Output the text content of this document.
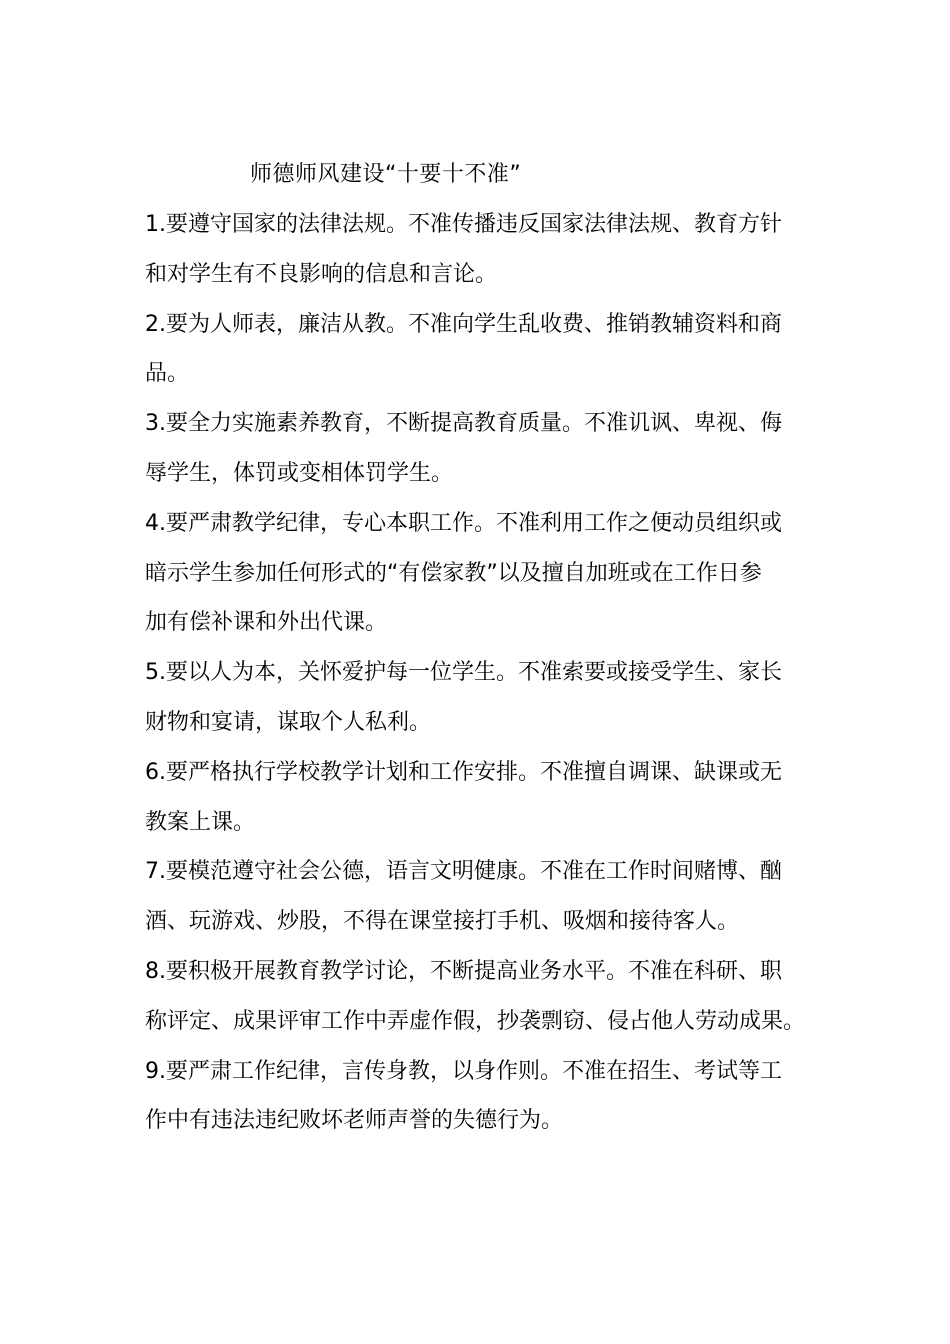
师德师风建设“十要十不准”
1.要遵守国家的法律法规。不准传播违反国家法律法规、教育方针
和对学生有不良影响的信息和言论。
2.要为人师表，廉洁从教。不准向学生乱收费、推销教辅资料和商
品。
3.要全力实施素养教育，不断提高教育质量。不准讥讽、卑视、侮
辱学生，体罚或变相体罚学生。
4.要严肃教学纪律，专心本职工作。不准利用工作之便动员组织或
暗示学生参加任何形式的“有偿家教”以及擅自加班或在工作日参
加有偿补课和外出代课。
5.要以人为本，关怀爱护每一位学生。不准索要或接受学生、家长
财物和宴请，谋取个人私利。
6.要严格执行学校教学计划和工作安排。不准擅自调课、缺课或无
教案上课。
7.要模范遵守社会公德，语言文明健康。不准在工作时间赌博、酗
酒、玩游戏、炒股，不得在课堂接打手机、吸烟和接待客人。
8.要积极开展教育教学讨论，不断提高业务水平。不准在科研、职
称评定、成果评审工作中弄虚作假，抄袭剽窃、侵占他人劳动成果。
9.要严肃工作纪律，言传身教，以身作则。不准在招生、考试等工
作中有违法违纪败坏老师声誉的失德行为。
